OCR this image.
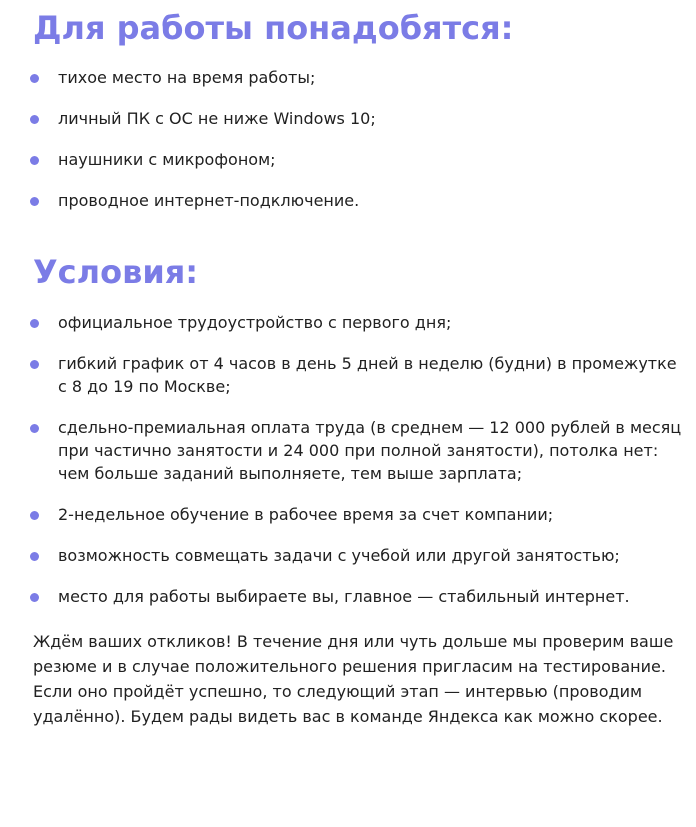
Для работы понадобятся:
тихое место на время работы;
личный ПК с ОС не ниже Windows 10;
наушники с микрофоном;
проводное интернет-подключение.
Условия:
официальное трудоустройство с первого дня;
гибкий график от 4 часов в день 5 дней в неделю (будни) в промежутке с 8 до 19 по Москве;
сдельно-премиальная оплата труда (в среднем — 12 000 рублей в месяц при частично занятости и 24 000 при полной занятости), потолка нет: чем больше заданий выполняете, тем выше зарплата;
2-недельное обучение в рабочее время за счет компании;
возможность совмещать задачи с учебой или другой занятостью;
место для работы выбираете вы, главное — стабильный интернет.

Ждём ваших откликов! В течение дня или чуть дольше мы проверим ваше резюме и в случае положительного решения пригласим на тестирование. Если оно пройдёт успешно, то следующий этап — интервью (проводим удалённо). Будем рады видеть вас в команде Яндекса как можно скорее.
